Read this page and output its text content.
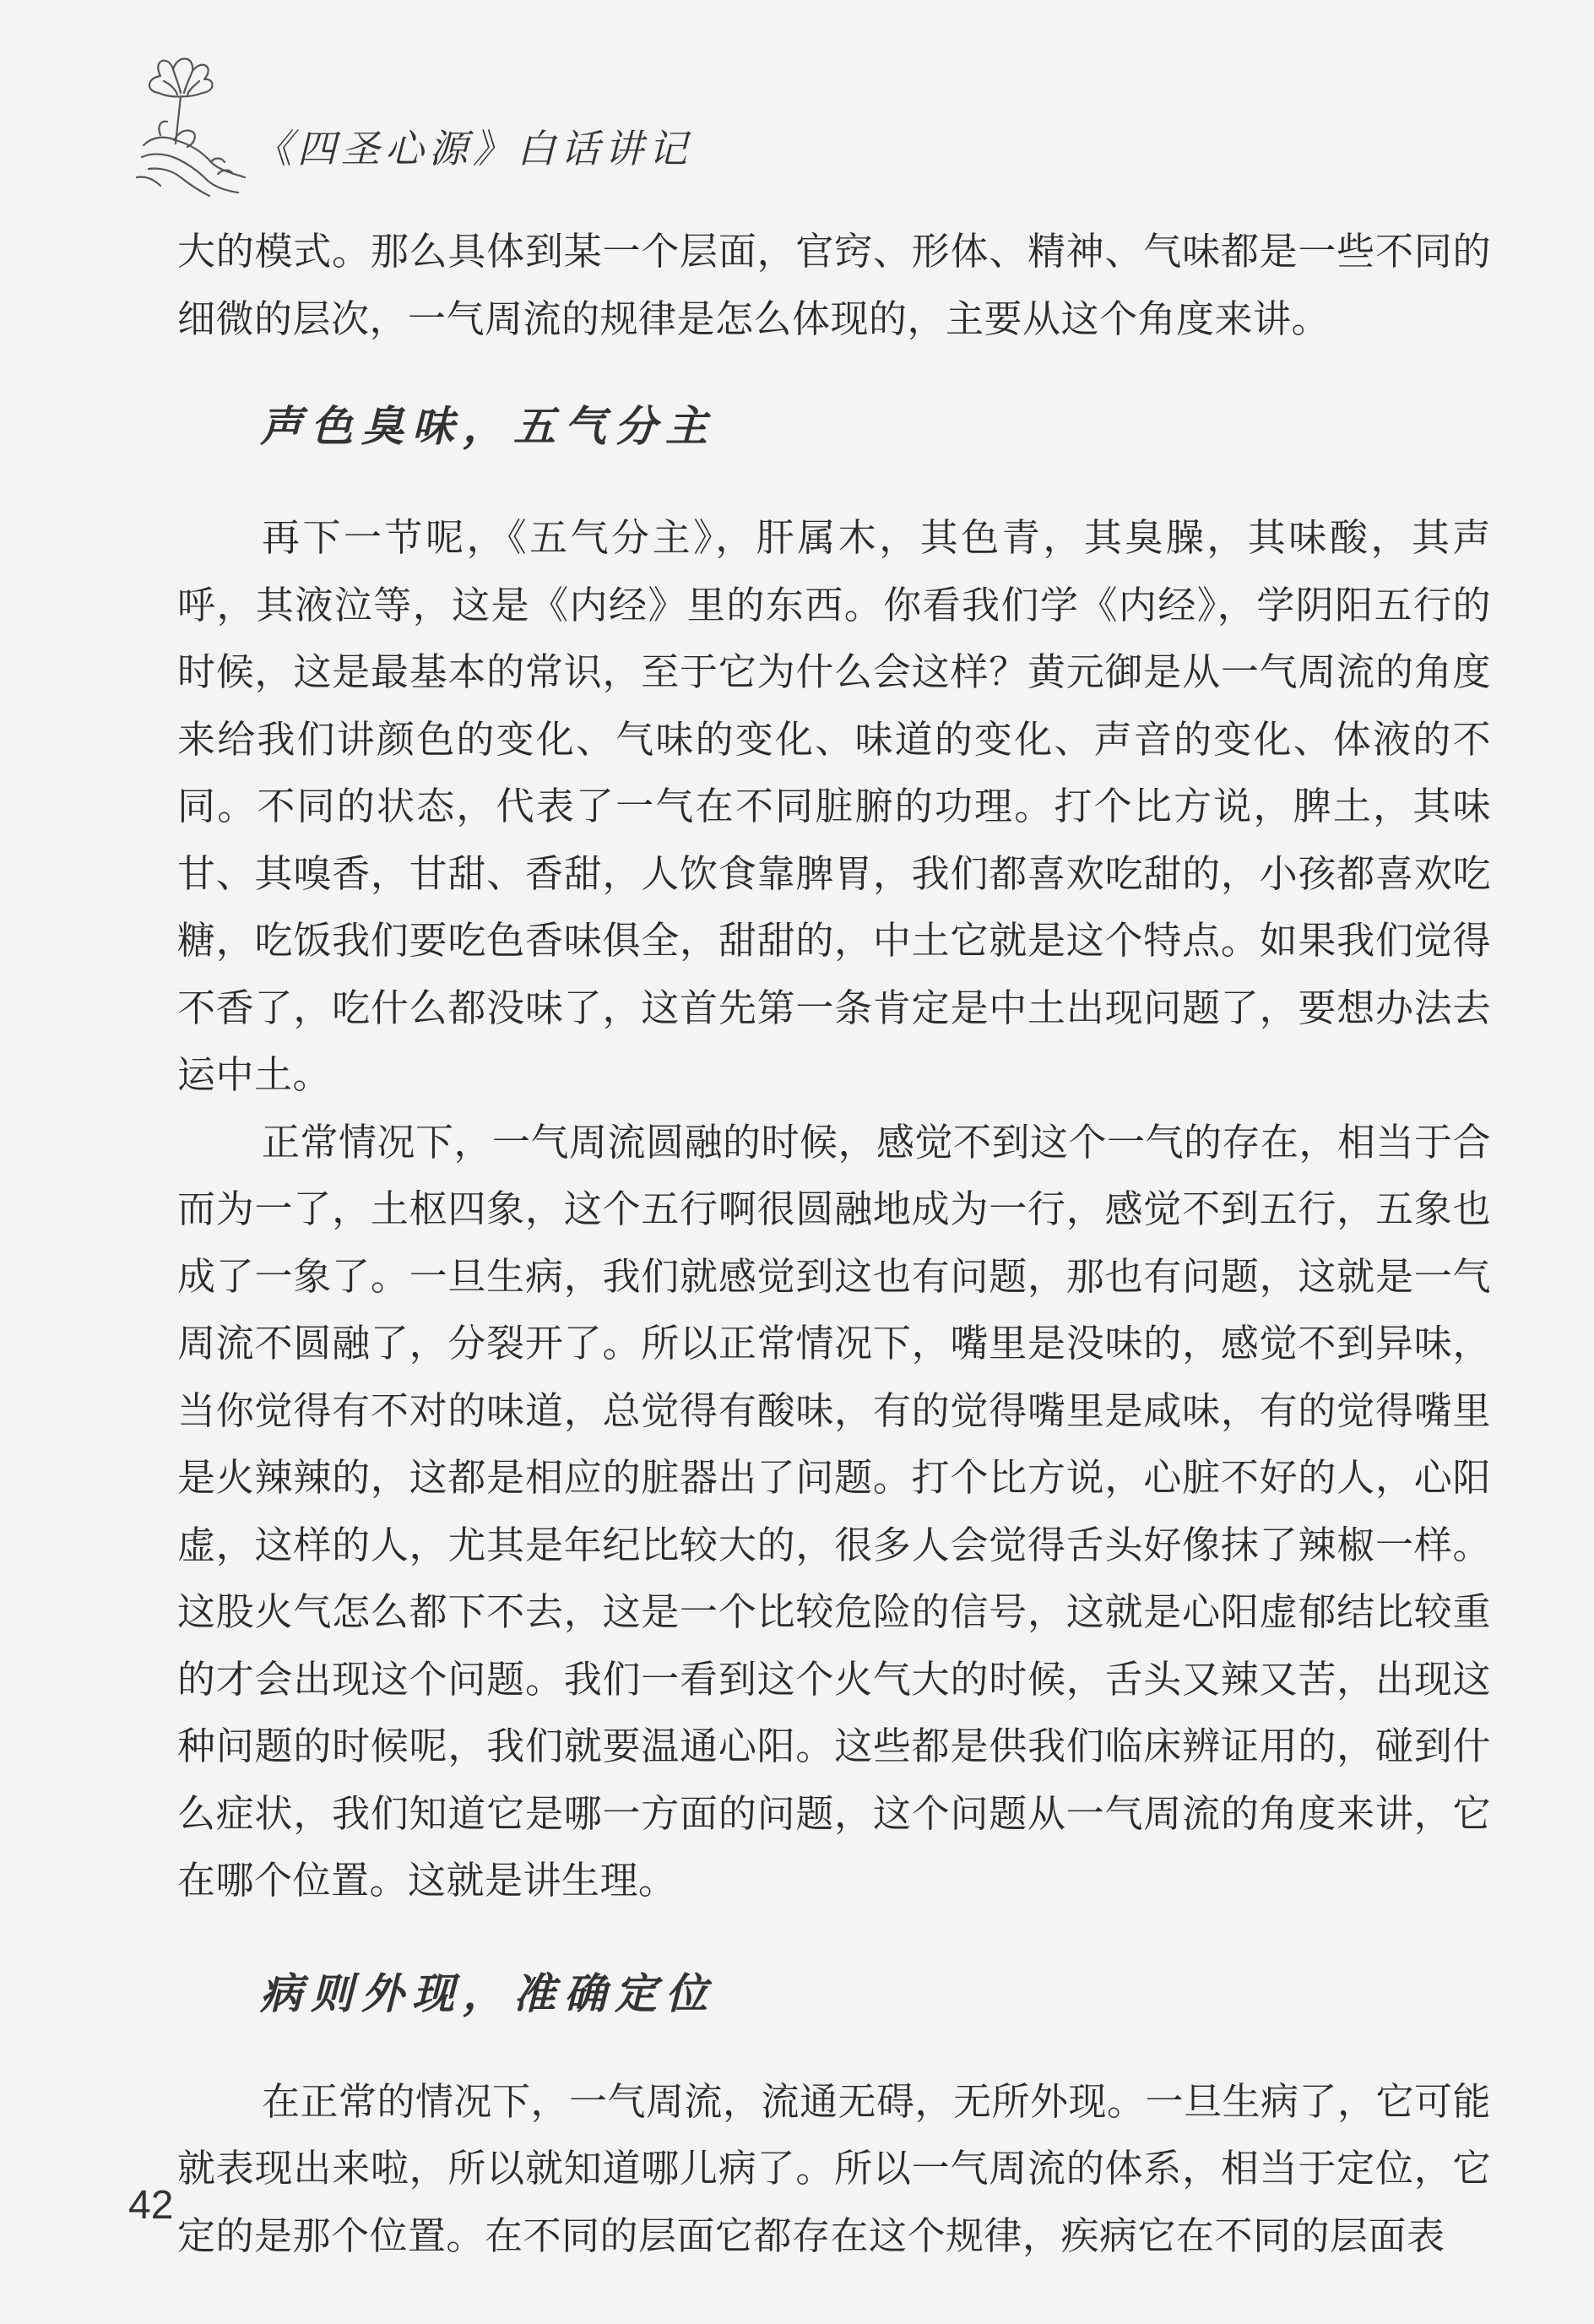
《四圣心源》白话讲记

大的模式。那么具体到某一个层面，官窍、形体、精神、气味都是一些不同的细微的层次，一气周流的规律是怎么体现的，主要从这个角度来讲。

声色臭味，五气分主

再下一节呢，《五气分主》，肝属木，其色青，其臭臊，其味酸，其声呼，其液泣等，这是《内经》里的东西。你看我们学《内经》，学阴阳五行的时候，这是最基本的常识，至于它为什么会这样？黄元御是从一气周流的角度来给我们讲颜色的变化、气味的变化、味道的变化、声音的变化、体液的不同。不同的状态，代表了一气在不同脏腑的功理。打个比方说，脾土，其味甘、其嗅香，甘甜、香甜，人饮食靠脾胃，我们都喜欢吃甜的，小孩都喜欢吃糖，吃饭我们要吃色香味俱全，甜甜的，中土它就是这个特点。如果我们觉得不香了，吃什么都没味了，这首先第一条肯定是中土出现问题了，要想办法去运中土。

正常情况下，一气周流圆融的时候，感觉不到这个一气的存在，相当于合而为一了，土枢四象，这个五行啊很圆融地成为一行，感觉不到五行，五象也成了一象了。一旦生病，我们就感觉到这也有问题，那也有问题，这就是一气周流不圆融了，分裂开了。所以正常情况下，嘴里是没味的，感觉不到异味，当你觉得有不对的味道，总觉得有酸味，有的觉得嘴里是咸味，有的觉得嘴里是火辣辣的，这都是相应的脏器出了问题。打个比方说，心脏不好的人，心阳虚，这样的人，尤其是年纪比较大的，很多人会觉得舌头好像抹了辣椒一样。这股火气怎么都下不去，这是一个比较危险的信号，这就是心阳虚郁结比较重的才会出现这个问题。我们一看到这个火气大的时候，舌头又辣又苦，出现这种问题的时候呢，我们就要温通心阳。这些都是供我们临床辨证用的，碰到什么症状，我们知道它是哪一方面的问题，这个问题从一气周流的角度来讲，它在哪个位置。这就是讲生理。

病则外现，准确定位

在正常的情况下，一气周流，流通无碍，无所外现。一旦生病了，它可能就表现出来啦，所以就知道哪儿病了。所以一气周流的体系，相当于定位，它定的是那个位置。在不同的层面它都存在这个规律，疾病它在不同的层面表

42
